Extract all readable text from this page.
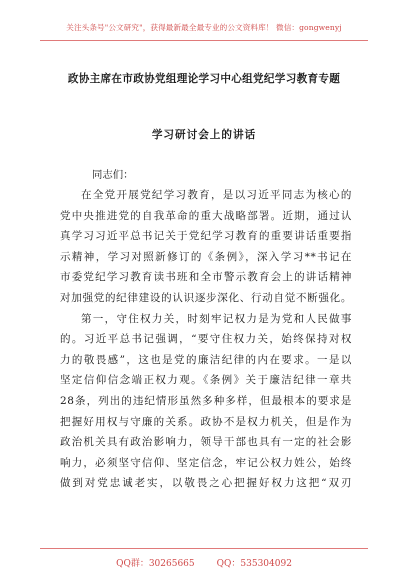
关注头条号"公文研究"，获得最新最全最专业的公文资料库！ 微信：gongwenyj
政协主席在市政协党组理论学习中心组党纪学习教育专题
学习研讨会上的讲话
同志们：
在全党开展党纪学习教育，是以习近平同志为核心的
党中央推进党的自我革命的重大战略部署。近期，通过认
真学习习近平总书记关于党纪学习教育的重要讲话重要指
示精神，学习对照新修订的《条例》，深入学习**书记在
市委党纪学习教育读书班和全市警示教育会上的讲话精神
对加强党的纪律建设的认识逐步深化、行动自觉不断强化。
第一，守住权力关，时刻牢记权力是为党和人民做事
的。习近平总书记强调，“要守住权力关，始终保持对权
力的敬畏感”，这也是党的廉洁纪律的内在要求。一是以
坚定信仰信念端正权力观。《条例》关于廉洁纪律一章共
28条，列出的违纪情形虽然多种多样，但最根本的要求是
把握好用权与守廉的关系。政协不是权力机关，但是作为
政治机关具有政治影响力，领导干部也具有一定的社会影
响力，必须坚守信仰、坚定信念，牢记公权力姓公，始终
做到对党忠诚老实，以敬畏之心把握好权力这把“双刃
QQ群：30265665 QQ：535304092
